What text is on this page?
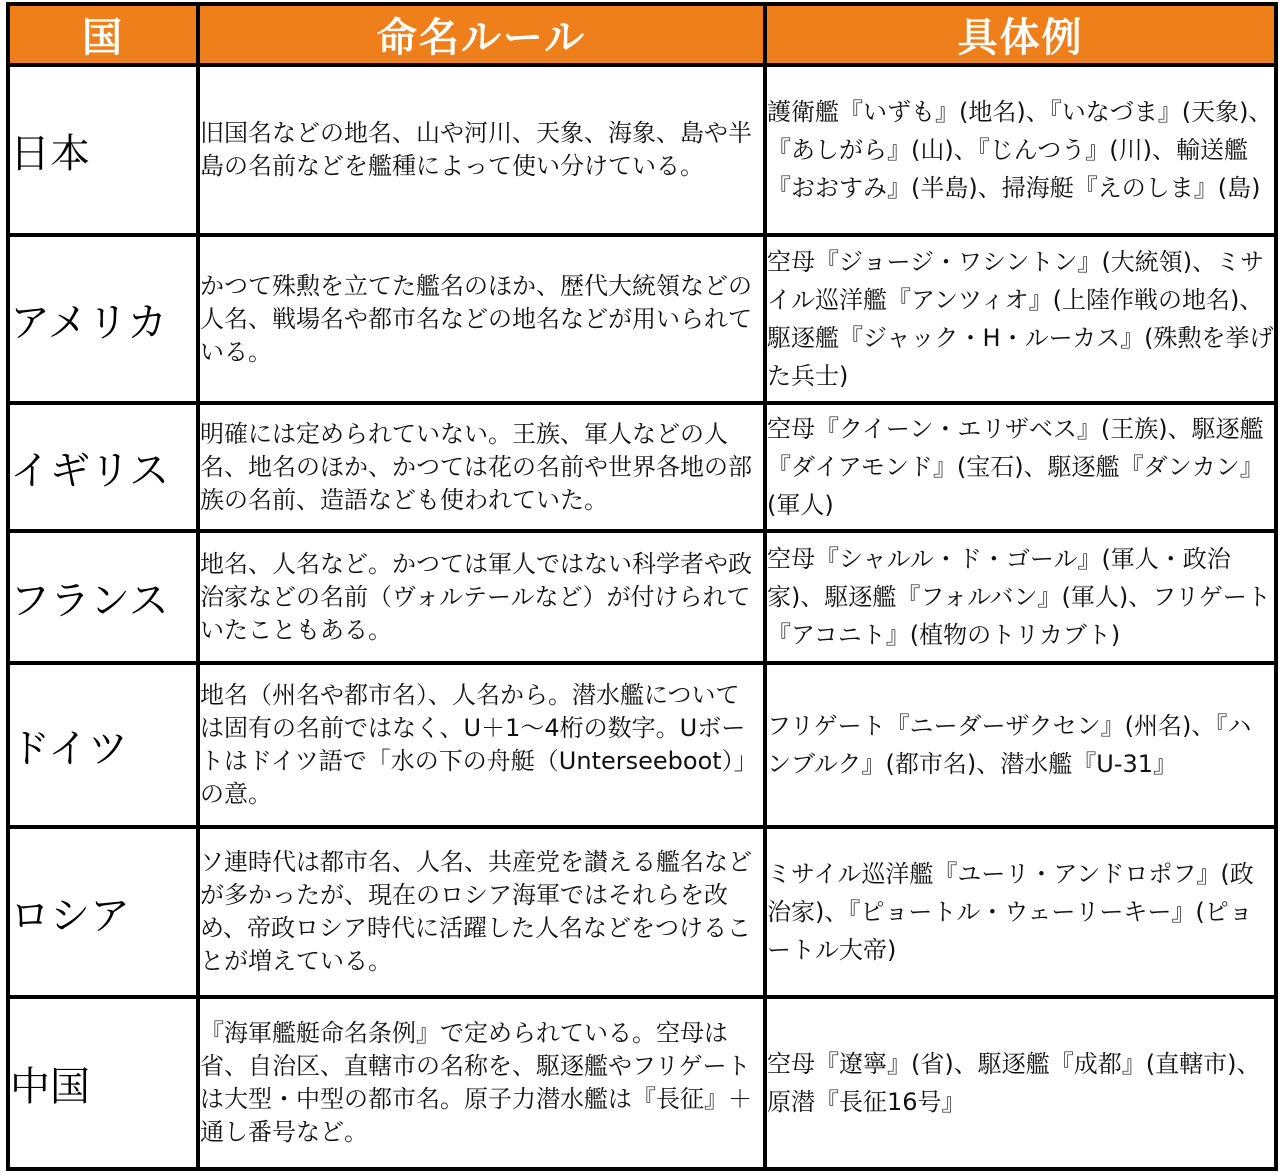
国	命名ルール	具体例
日本	旧国名などの地名、山や河川、天象、海象、島や半島の名前などを艦種によって使い分けている。	護衛艦『いずも』(地名)、『いなづま』(天象)、『あしがら』(山)、『じんつう』(川)、輸送艦『おおすみ』(半島)、掃海艇『えのしま』(島)
アメリカ	かつて殊勲を立てた艦名のほか、歴代大統領などの人名、戦場名や都市名などの地名などが用いられている。	空母『ジョージ・ワシントン』(大統領)、ミサイル巡洋艦『アンツィオ』(上陸作戦の地名)、駆逐艦『ジャック・H・ルーカス』(殊勲を挙げた兵士)
イギリス	明確には定められていない。王族、軍人などの人名、地名のほか、かつては花の名前や世界各地の部族の名前、造語なども使われていた。	空母『クイーン・エリザベス』(王族)、駆逐艦『ダイアモンド』(宝石)、駆逐艦『ダンカン』(軍人)
フランス	地名、人名など。かつては軍人ではない科学者や政治家などの名前（ヴォルテールなど）が付けられていたこともある。	空母『シャルル・ド・ゴール』(軍人・政治家)、駆逐艦『フォルバン』(軍人)、フリゲート『アコニト』(植物のトリカブト)
ドイツ	地名（州名や都市名）、人名から。潜水艦については固有の名前ではなく、U＋1〜4桁の数字。Uボートはドイツ語で「水の下の舟艇（Unterseeboot）」の意。	フリゲート『ニーダーザクセン』(州名)、『ハンブルク』(都市名)、潜水艦『U-31』
ロシア	ソ連時代は都市名、人名、共産党を讃える艦名などが多かったが、現在のロシア海軍ではそれらを改め、帝政ロシア時代に活躍した人名などをつけることが増えている。	ミサイル巡洋艦『ユーリ・アンドロポフ』(政治家)、『ピョートル・ウェーリーキー』(ピョートル大帝)
中国	『海軍艦艇命名条例』で定められている。空母は省、自治区、直轄市の名称を、駆逐艦やフリゲートは大型・中型の都市名。原子力潜水艦は『長征』＋通し番号など。	空母『遼寧』(省)、駆逐艦『成都』(直轄市)、原潜『長征16号』
